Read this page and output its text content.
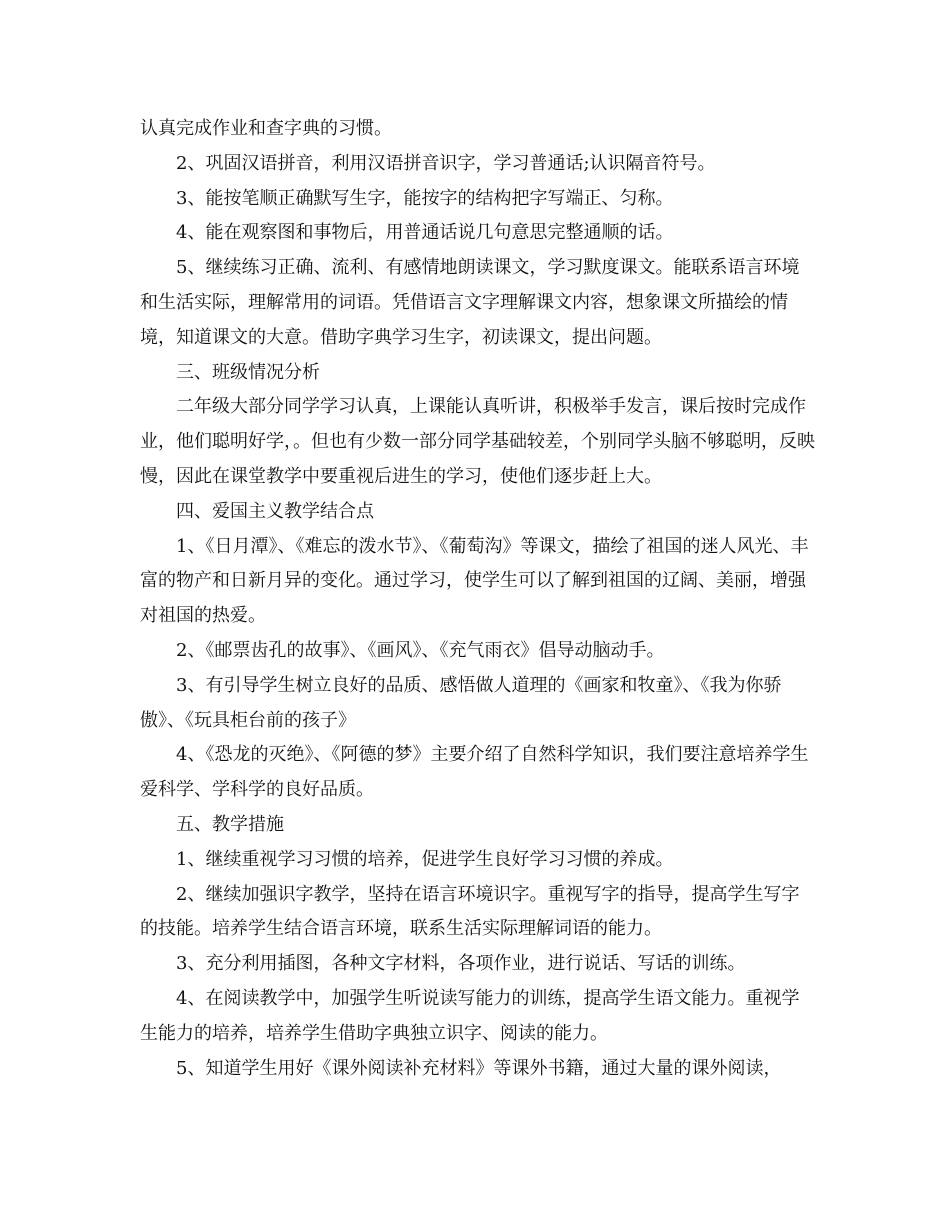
认真完成作业和查字典的习惯。

2、巩固汉语拼音，利用汉语拼音识字，学习普通话;认识隔音符号。

3、能按笔顺正确默写生字，能按字的结构把字写端正、匀称。

4、能在观察图和事物后，用普通话说几句意思完整通顺的话。

5、继续练习正确、流利、有感情地朗读课文，学习默度课文。能联系语言环境和生活实际，理解常用的词语。凭借语言文字理解课文内容，想象课文所描绘的情境，知道课文的大意。借助字典学习生字，初读课文，提出问题。

三、班级情况分析

二年级大部分同学学习认真，上课能认真听讲，积极举手发言，课后按时完成作业，他们聪明好学，。但也有少数一部分同学基础较差，个别同学头脑不够聪明，反映慢，因此在课堂教学中要重视后进生的学习，使他们逐步赶上大。

四、爱国主义教学结合点

1、《日月潭》、《难忘的泼水节》、《葡萄沟》等课文，描绘了祖国的迷人风光、丰富的物产和日新月异的变化。通过学习，使学生可以了解到祖国的辽阔、美丽，增强对祖国的热爱。

2、《邮票齿孔的故事》、《画风》、《充气雨衣》倡导动脑动手。

3、有引导学生树立良好的品质、感悟做人道理的《画家和牧童》、《我为你骄傲》、《玩具柜台前的孩子》

4、《恐龙的灭绝》、《阿德的梦》主要介绍了自然科学知识，我们要注意培养学生爱科学、学科学的良好品质。

五、教学措施

1、继续重视学习习惯的培养，促进学生良好学习习惯的养成。

2、继续加强识字教学，坚持在语言环境识字。重视写字的指导，提高学生写字的技能。培养学生结合语言环境，联系生活实际理解词语的能力。

3、充分利用插图，各种文字材料，各项作业，进行说话、写话的训练。

4、在阅读教学中，加强学生听说读写能力的训练，提高学生语文能力。重视学生能力的培养，培养学生借助字典独立识字、阅读的能力。

5、知道学生用好《课外阅读补充材料》等课外书籍，通过大量的课外阅读，
